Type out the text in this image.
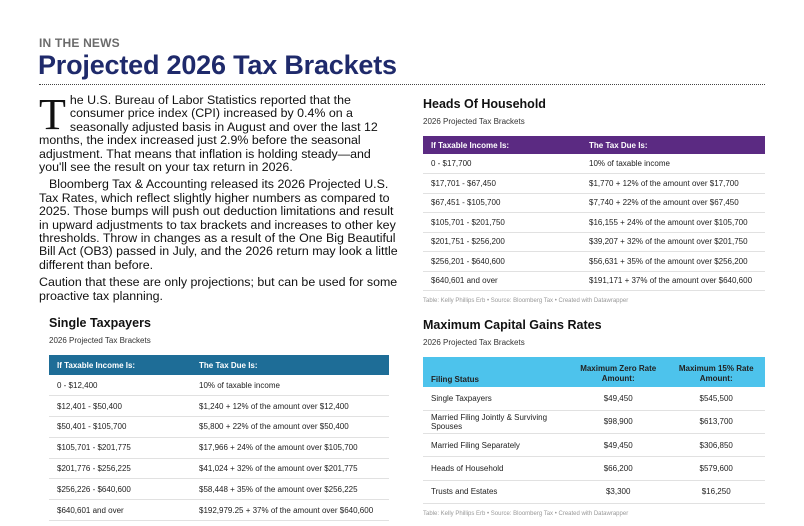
IN THE NEWS
Projected 2026 Tax Brackets

The U.S. Bureau of Labor Statistics reported that the consumer price index (CPI) increased by 0.4% on a seasonally adjusted basis in August and over the last 12 months, the index increased just 2.9% before the seasonal adjustment. That means that inflation is holding steady—and you'll see the result on your tax return in 2026.

Bloomberg Tax & Accounting released its 2026 Projected U.S. Tax Rates, which reflect slightly higher numbers as compared to 2025. Those bumps will push out deduction limitations and result in upward adjustments to tax brackets and increases to other key thresholds. Throw in changes as a result of the One Big Beautiful Bill Act (OB3) passed in July, and the 2026 return may look a little different than before.

Caution that these are only projections; but can be used for some proactive tax planning.

Single Taxpayers
2026 Projected Tax Brackets
If Taxable Income Is:	The Tax Due Is:
0 - $12,400	10% of taxable income
$12,401 - $50,400	$1,240 + 12% of the amount over $12,400
$50,401 - $105,700	$5,800 + 22% of the amount over $50,400
$105,701 - $201,775	$17,966 + 24% of the amount over $105,700
$201,776 - $256,225	$41,024 + 32% of the amount over $201,775
$256,226 - $640,600	$58,448 + 35% of the amount over $256,225
$640,601 and over	$192,979.25 + 37% of the amount over $640,600
Heads Of Household
2026 Projected Tax Brackets
If Taxable Income Is:	The Tax Due Is:
0 - $17,700	10% of taxable income
$17,701 - $67,450	$1,770 + 12% of the amount over $17,700
$67,451 - $105,700	$7,740 + 22% of the amount over $67,450
$105,701 - $201,750	$16,155 + 24% of the amount over $105,700
$201,751 - $256,200	$39,207 + 32% of the amount over $201,750
$256,201 - $640,600	$56,631 + 35% of the amount over $256,200
$640,601 and over	$191,171 + 37% of the amount over $640,600
Table: Kelly Phillips Erb • Source: Bloomberg Tax • Created with Datawrapper
Maximum Capital Gains Rates
2026 Projected Tax Brackets
Filing Status	Maximum Zero Rate Amount:	Maximum 15% Rate Amount:
Single Taxpayers	$49,450	$545,500
Married Filing Jointly & Surviving Spouses	$98,900	$613,700
Married Filing Separately	$49,450	$306,850
Heads of Household	$66,200	$579,600
Trusts and Estates	$3,300	$16,250
Table: Kelly Phillips Erb • Source: Bloomberg Tax • Created with Datawrapper
